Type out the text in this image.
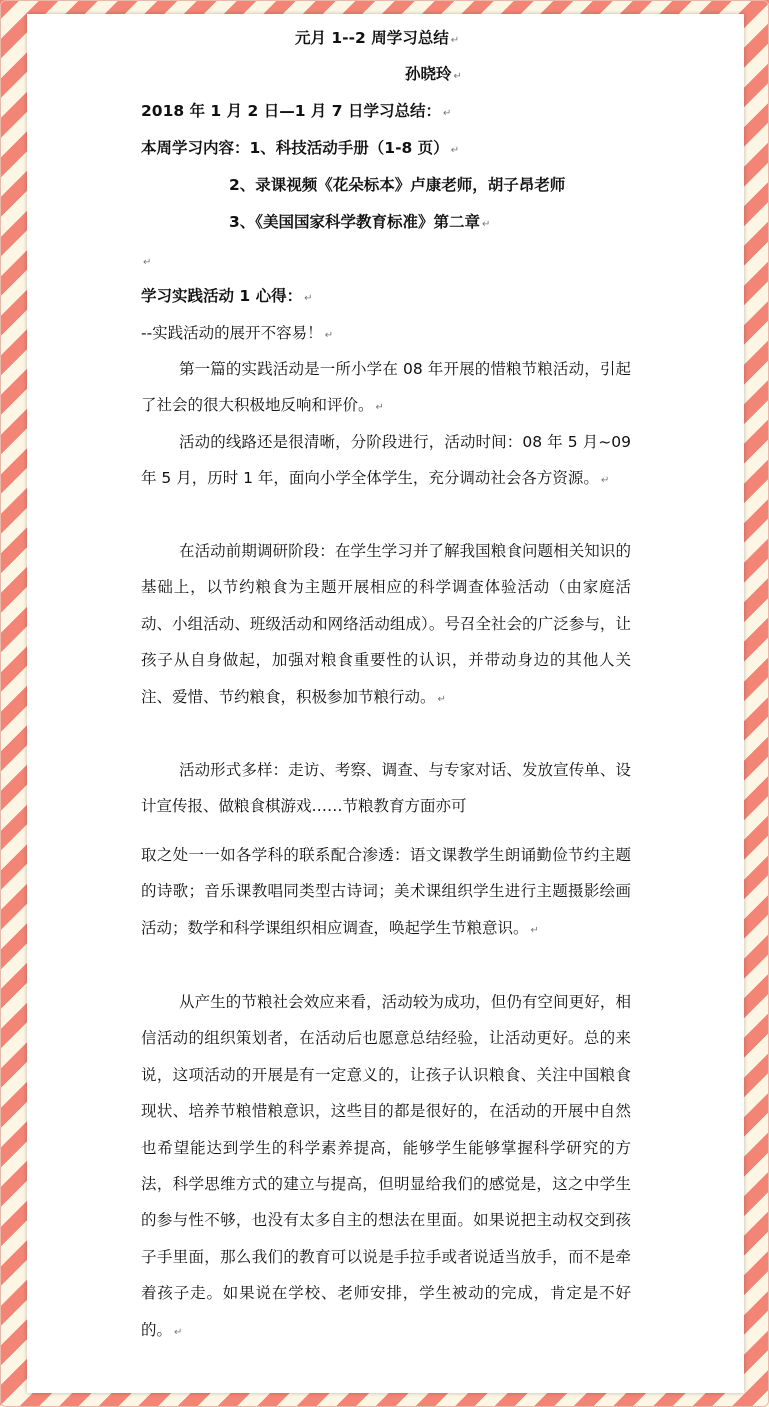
元月 1--2 周学习总结 ↵
孙晓玲 ↵
2018 年 1 月 2 日—1 月 7 日学习总结： ↵
本周学习内容：1、科技活动手册（1-8 页） ↵
2、录课视频《花朵标本》卢康老师，胡子昂老师
3、《美国国家科学教育标准》第二章 ↵
↵
学习实践活动 1 心得： ↵
--实践活动的展开不容易！ ↵
第一篇的实践活动是一所小学在 08 年开展的惜粮节粮活动，引起了社会的很大积极地反响和评价。 ↵
活动的线路还是很清晰，分阶段进行，活动时间：08 年 5 月~09 年 5 月，历时 1 年，面向小学全体学生，充分调动社会各方资源。 ↵
在活动前期调研阶段：在学生学习并了解我国粮食问题相关知识的基础上，以节约粮食为主题开展相应的科学调查体验活动（由家庭活动、小组活动、班级活动和网络活动组成）。号召全社会的广泛参与，让孩子从自身做起，加强对粮食重要性的认识，并带动身边的其他人关注、爱惜、节约粮食，积极参加节粮行动。 ↵
活动形式多样：走访、考察、调查、与专家对话、发放宣传单、设计宣传报、做粮食棋游戏……节粮教育方面亦可
取之处一一如各学科的联系配合渗透：语文课教学生朗诵勤俭节约主题的诗歌；音乐课教唱同类型古诗词；美术课组织学生进行主题摄影绘画活动；数学和科学课组织相应调查，唤起学生节粮意识。 ↵
从产生的节粮社会效应来看，活动较为成功，但仍有空间更好，相信活动的组织策划者，在活动后也愿意总结经验，让活动更好。总的来说，这项活动的开展是有一定意义的，让孩子认识粮食、关注中国粮食现状、培养节粮惜粮意识，这些目的都是很好的，在活动的开展中自然也希望能达到学生的科学素养提高，能够学生能够掌握科学研究的方法，科学思维方式的建立与提高，但明显给我们的感觉是，这之中学生的参与性不够，也没有太多自主的想法在里面。如果说把主动权交到孩子手里面，那么我们的教育可以说是手拉手或者说适当放手，而不是牵着孩子走。如果说在学校、老师安排，学生被动的完成，肯定是不好的。 ↵
